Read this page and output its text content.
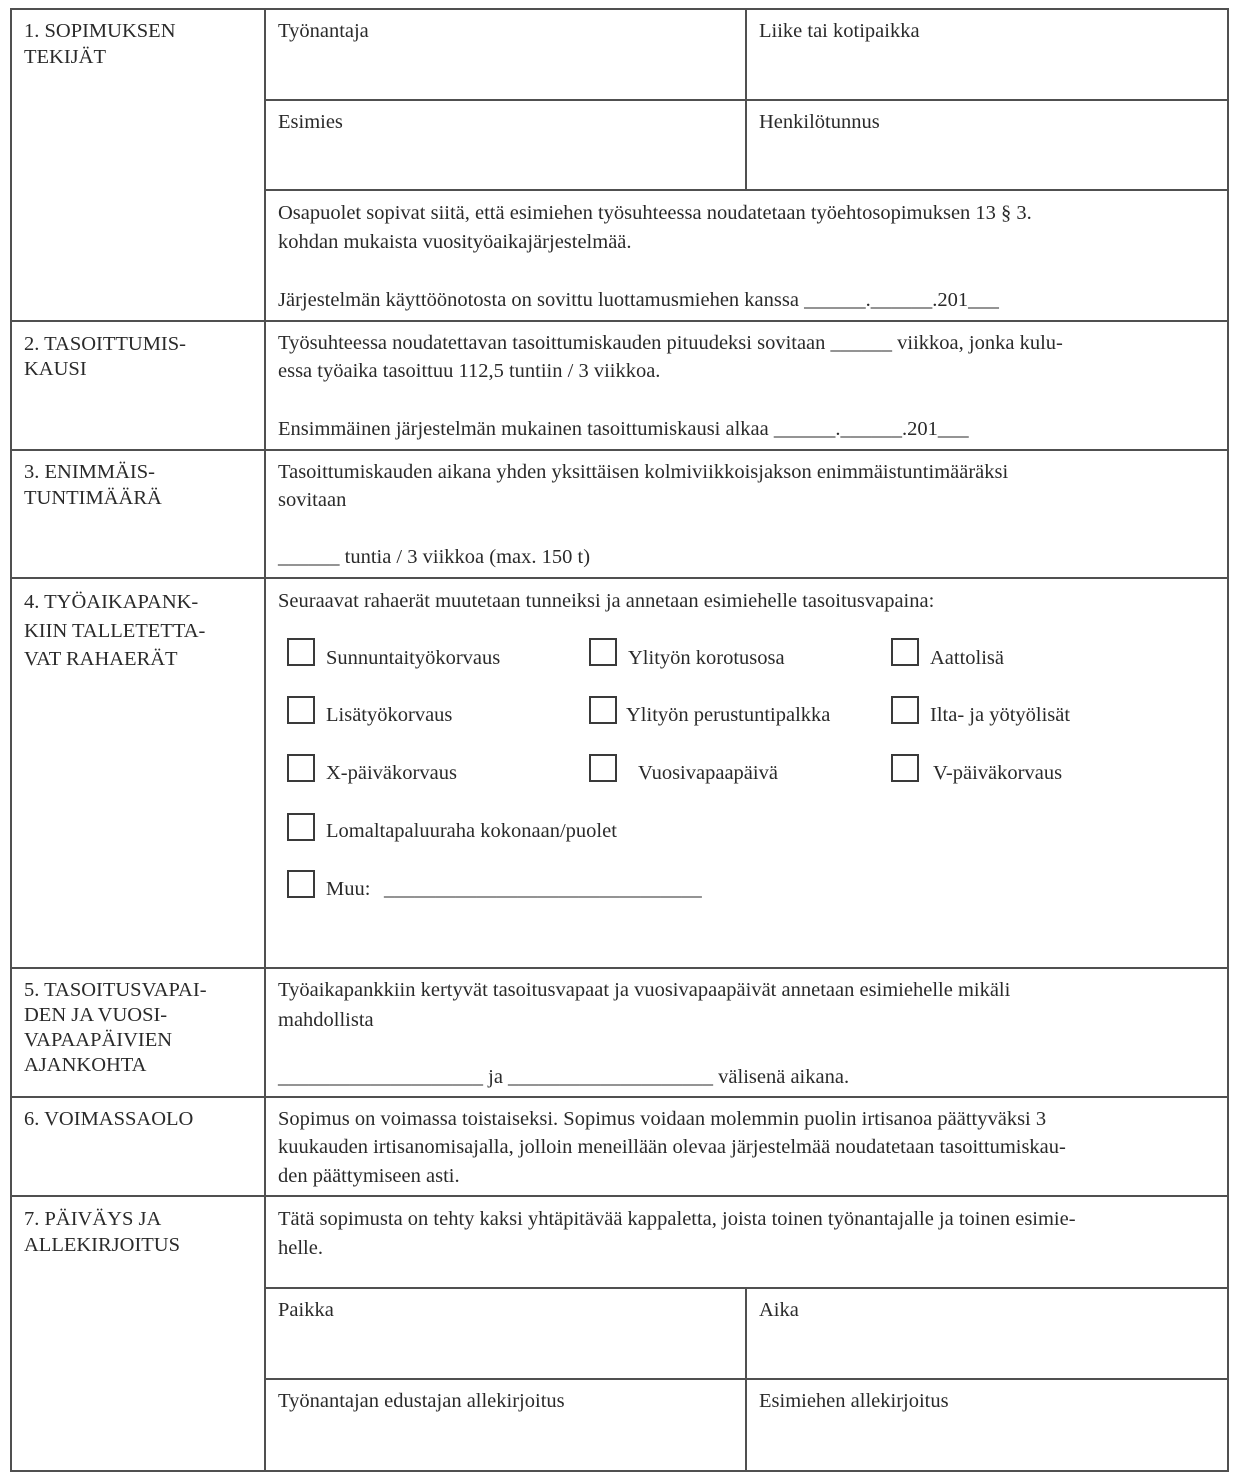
1. SOPIMUKSEN TEKIJÄT
Työnantaja	Liike tai kotipaikka
Esimies	Henkilötunnus
Osapuolet sopivat siitä, että esimiehen työsuhteessa noudatetaan työehtosopimuksen 13 § 3.
kohdan mukaista vuosityöaikajärjestelmää.
Järjestelmän käyttöönotosta on sovittu luottamusmiehen kanssa ______.______.201___
2. TASOITTUMIS-
KAUSI
Työsuhteessa noudatettavan tasoittumiskauden pituudeksi sovitaan ______ viikkoa, jonka kulu-
essa työaika tasoittuu 112,5 tuntiin / 3 viikkoa.
Ensimmäinen järjestelmän mukainen tasoittumiskausi alkaa ______.______.201___
3. ENIMMÄIS-
TUNTIMÄÄRÄ
Tasoittumiskauden aikana yhden yksittäisen kolmiviikkoisjakson enimmäistuntimääräksi
sovitaan
______ tuntia / 3 viikkoa (max. 150 t)
4. TYÖAIKAPANK-
KIIN TALLETETTA-
VAT RAHAERÄT
Seuraavat rahaerät muutetaan tunneiksi ja annetaan esimiehelle tasoitusvapaina:
Sunnuntaityökorvaus	Ylityön korotusosa	Aattolisä
Lisätyökorvaus	Ylityön perustuntipalkka	Ilta- ja yötyölisät
X-päiväkorvaus	Vuosivapaapäivä	V-päiväkorvaus
Lomaltapaluuraha kokonaan/puolet
Muu: _______________________________
5. TASOITUSVAPAI-
DEN JA VUOSI-
VAPAAPÄIVIEN
AJANKOHTA
Työaikapankkiin kertyvät tasoitusvapaat ja vuosivapaapäivät annetaan esimiehelle mikäli
mahdollista
____________________ ja ____________________ välisenä aikana.
6. VOIMASSAOLO	Sopimus on voimassa toistaiseksi. Sopimus voidaan molemmin puolin irtisanoa päättyväksi 3
kuukauden irtisanomisajalla, jolloin meneillään olevaa järjestelmää noudatetaan tasoittumiskau-
den päättymiseen asti.
7. PÄIVÄYS JA
ALLEKIRJOITUS
Tätä sopimusta on tehty kaksi yhtäpitävää kappaletta, joista toinen työnantajalle ja toinen esimie-
helle.
Paikka	Aika
Työnantajan edustajan allekirjoitus	Esimiehen allekirjoitus
